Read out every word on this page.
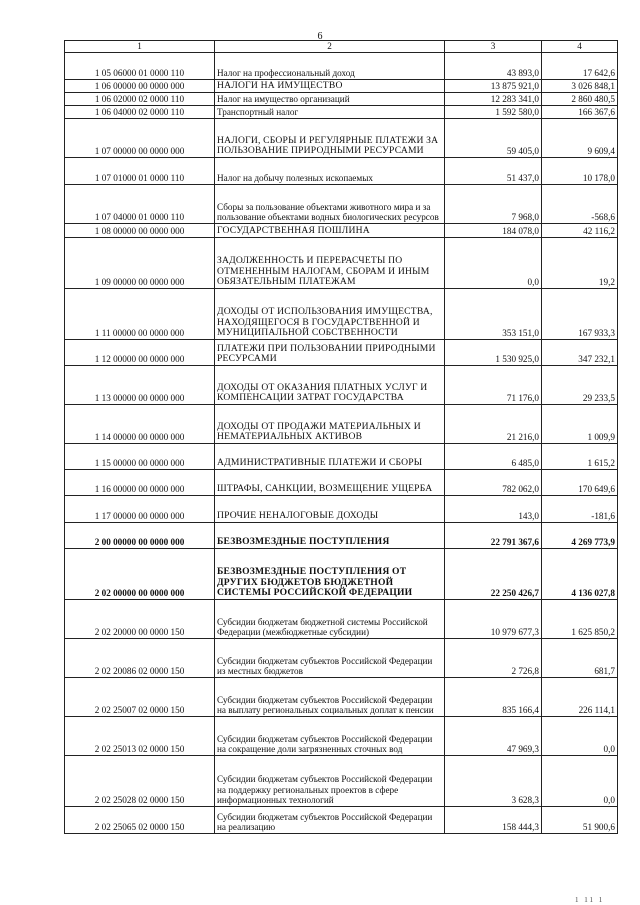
6
1	2	3	4
1 05 06000 01 0000 110	Налог на профессиональный доход	43 893,0	17 642,6
1 06 00000 00 0000 000	НАЛОГИ НА ИМУЩЕСТВО	13 875 921,0	3 026 848,1
1 06 02000 02 0000 110	Налог на имущество организаций	12 283 341,0	2 860 480,5
1 06 04000 02 0000 110	Транспортный налог	1 592 580,0	166 367,6
1 07 00000 00 0000 000	НАЛОГИ, СБОРЫ И РЕГУЛЯРНЫЕ ПЛАТЕЖИ ЗА ПОЛЬЗОВАНИЕ ПРИРОДНЫМИ РЕСУРСАМИ	59 405,0	9 609,4
1 07 01000 01 0000 110	Налог на добычу полезных ископаемых	51 437,0	10 178,0
1 07 04000 01 0000 110	Сборы за пользование объектами животного мира и за пользование объектами водных биологических ресурсов	7 968,0	-568,6
1 08 00000 00 0000 000	ГОСУДАРСТВЕННАЯ ПОШЛИНА	184 078,0	42 116,2
1 09 00000 00 0000 000	ЗАДОЛЖЕННОСТЬ И ПЕРЕРАСЧЕТЫ ПО ОТМЕНЕННЫМ НАЛОГАМ, СБОРАМ И ИНЫМ ОБЯЗАТЕЛЬНЫМ ПЛАТЕЖАМ	0,0	19,2
1 11 00000 00 0000 000	ДОХОДЫ ОТ ИСПОЛЬЗОВАНИЯ ИМУЩЕСТВА, НАХОДЯЩЕГОСЯ В ГОСУДАРСТВЕННОЙ И МУНИЦИПАЛЬНОЙ СОБСТВЕННОСТИ	353 151,0	167 933,3
1 12 00000 00 0000 000	ПЛАТЕЖИ ПРИ ПОЛЬЗОВАНИИ ПРИРОДНЫМИ РЕСУРСАМИ	1 530 925,0	347 232,1
1 13 00000 00 0000 000	ДОХОДЫ ОТ ОКАЗАНИЯ ПЛАТНЫХ УСЛУГ И КОМПЕНСАЦИИ ЗАТРАТ ГОСУДАРСТВА	71 176,0	29 233,5
1 14 00000 00 0000 000	ДОХОДЫ ОТ ПРОДАЖИ МАТЕРИАЛЬНЫХ И НЕМАТЕРИАЛЬНЫХ АКТИВОВ	21 216,0	1 009,9
1 15 00000 00 0000 000	АДМИНИСТРАТИВНЫЕ ПЛАТЕЖИ И СБОРЫ	6 485,0	1 615,2
1 16 00000 00 0000 000	ШТРАФЫ, САНКЦИИ, ВОЗМЕЩЕНИЕ УЩЕРБА	782 062,0	170 649,6
1 17 00000 00 0000 000	ПРОЧИЕ НЕНАЛОГОВЫЕ ДОХОДЫ	143,0	-181,6
2 00 00000 00 0000 000	БЕЗВОЗМЕЗДНЫЕ ПОСТУПЛЕНИЯ	22 791 367,6	4 269 773,9
2 02 00000 00 0000 000	БЕЗВОЗМЕЗДНЫЕ ПОСТУПЛЕНИЯ ОТ ДРУГИХ БЮДЖЕТОВ БЮДЖЕТНОЙ СИСТЕМЫ РОССИЙСКОЙ ФЕДЕРАЦИИ	22 250 426,7	4 136 027,8
2 02 20000 00 0000 150	Субсидии бюджетам бюджетной системы Российской Федерации (межбюджетные субсидии)	10 979 677,3	1 625 850,2
2 02 20086 02 0000 150	Субсидии бюджетам субъектов Российской Федерации из местных бюджетов	2 726,8	681,7
2 02 25007 02 0000 150	Субсидии бюджетам субъектов Российской Федерации на выплату региональных социальных доплат к пенсии	835 166,4	226 114,1
2 02 25013 02 0000 150	Субсидии бюджетам субъектов Российской Федерации на сокращение доли загрязненных сточных вод	47 969,3	0,0
2 02 25028 02 0000 150	Субсидии бюджетам субъектов Российской Федерации на поддержку региональных проектов в сфере информационных технологий	3 628,3	0,0
2 02 25065 02 0000 150	Субсидии бюджетам субъектов Российской Федерации на реализацию	158 444,3	51 900,6
1 11 1
